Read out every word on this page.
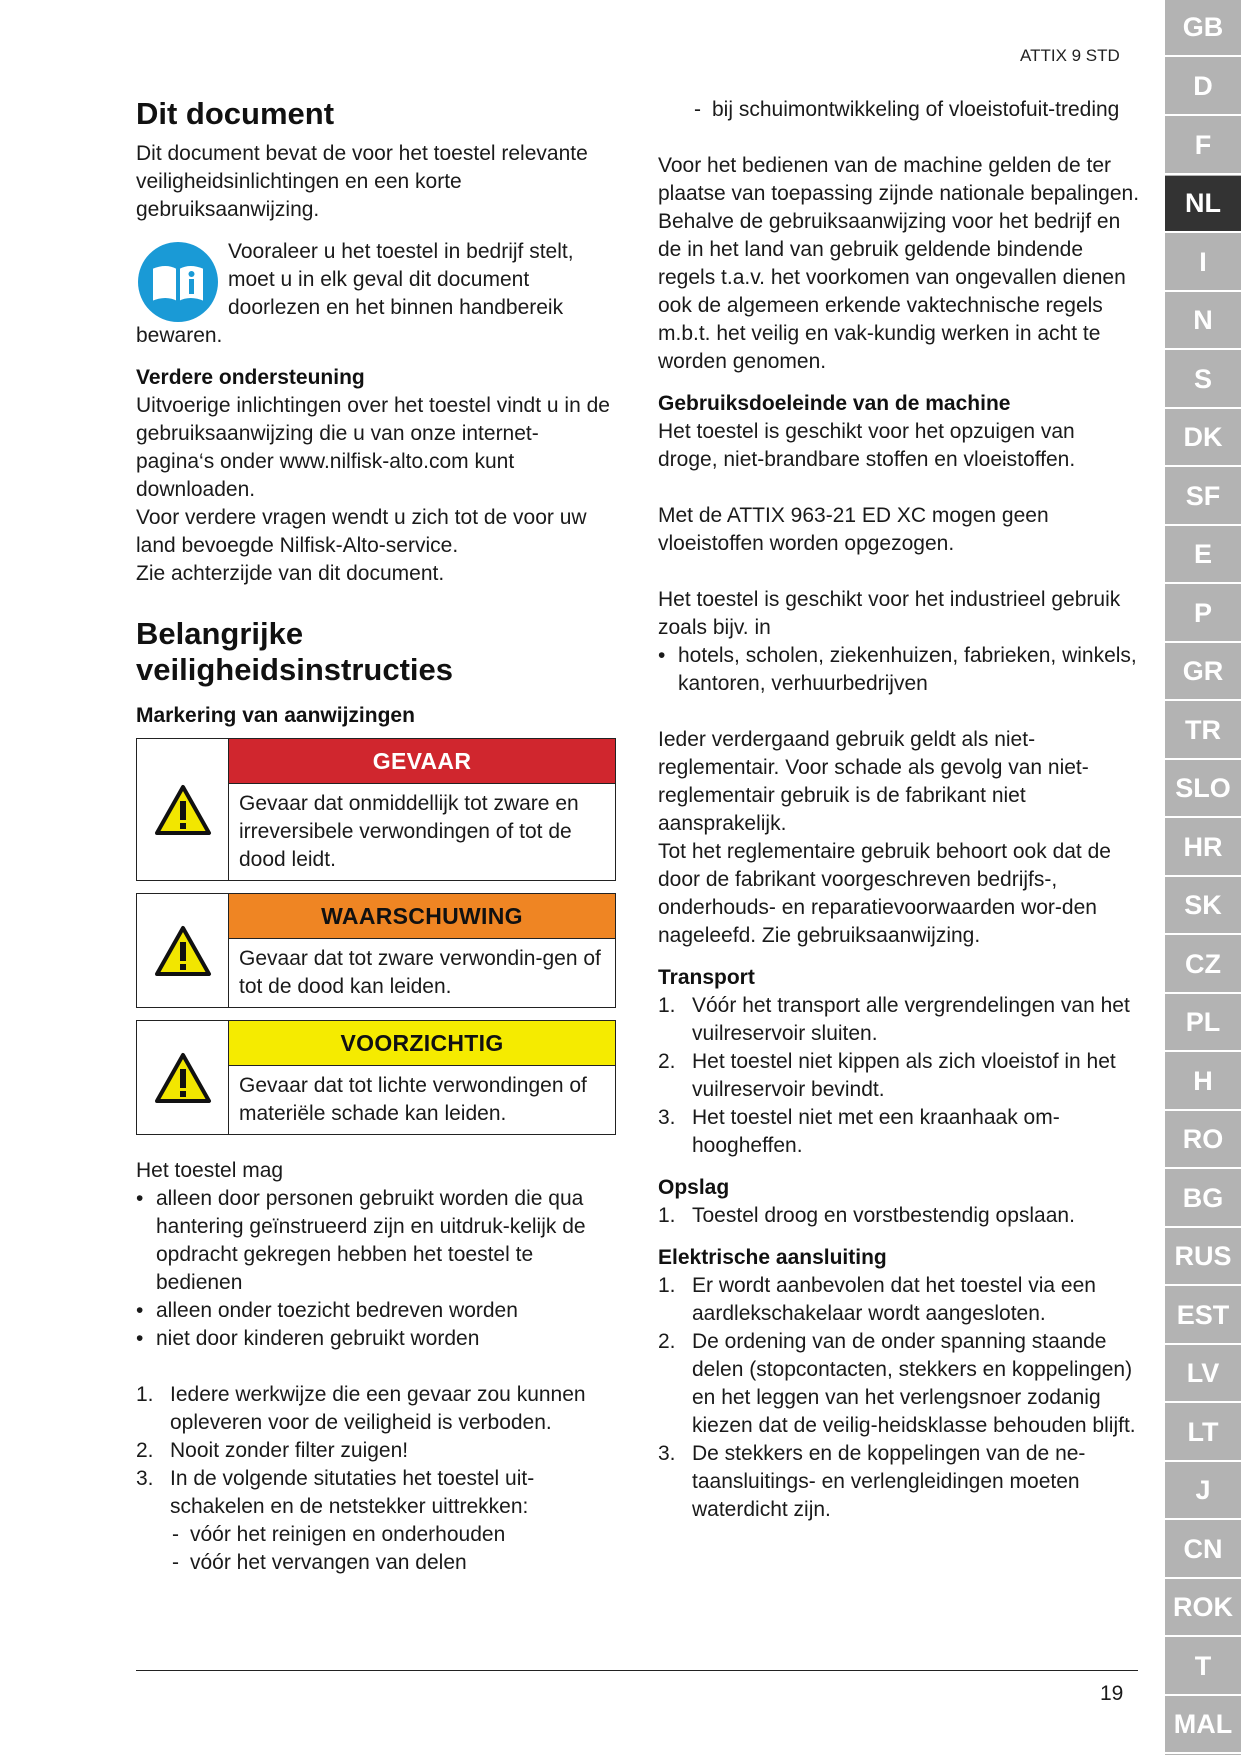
ATTIX 9 STD
Dit document

Dit document bevat de voor het toestel relevante veiligheidsinlichtingen en een korte gebruiksaanwijzing.

Vooraleer u het toestel in bedrijf stelt,
moet u in elk geval dit document
doorlezen en het binnen handbereik
bewaren.
Verdere ondersteuning

Uitvoerige inlichtingen over het toestel vindt u in de gebruiksaanwijzing die u van onze internet-pagina‘s onder www.nilfisk-alto.com kunt downloaden.

Voor verdere vragen wendt u zich tot de voor uw land bevoegde Nilfisk-Alto-service.

Zie achterzijde van dit document.

Belangrijke
veiligheidsinstructies
Markering van aanwijzingen
GEVAAR
Gevaar dat onmiddellijk tot zware en irreversibele verwondingen of tot de dood leidt.
WAARSCHUWING
Gevaar dat tot zware verwondin-gen of tot de dood kan leiden.
VOORZICHTIG
Gevaar dat tot lichte verwondingen of materiële schade kan leiden.

Het toestel mag

• alleen door personen gebruikt worden die qua hantering geïnstrueerd zijn en uitdruk-kelijk de opdracht gekregen hebben het toestel te bedienen
• alleen onder toezicht bedreven worden
• niet door kinderen gebruikt worden
1. Iedere werkwijze die een gevaar zou kunnen opleveren voor de veiligheid is verboden.
2. Nooit zonder filter zuigen!
3. In de volgende situtaties het toestel uit-schakelen en de netstekker uittrekken:
- vóór het reinigen en onderhouden
- vóór het vervangen van delen
- bij schuimontwikkeling of vloeistofuit-treding

Voor het bedienen van de machine gelden de ter plaatse van toepassing zijnde nationale bepalingen.

Behalve de gebruiksaanwijzing voor het bedrijf en de in het land van gebruik geldende bindende regels t.a.v. het voorkomen van ongevallen dienen ook de algemeen erkende vaktechnische regels m.b.t. het veilig en vak-kundig werken in acht te worden genomen.

Gebruiksdoeleinde van de machine

Het toestel is geschikt voor het opzuigen van droge, niet-brandbare stoffen en vloeistoffen.

Met de ATTIX 963-21 ED XC mogen geen vloeistoffen worden opgezogen.

Het toestel is geschikt voor het industrieel gebruik zoals bijv. in

• hotels, scholen, ziekenhuizen, fabrieken, winkels, kantoren, verhuurbedrijven

Ieder verdergaand gebruik geldt als niet-reglementair. Voor schade als gevolg van niet-reglementair gebruik is de fabrikant niet aansprakelijk.

Tot het reglementaire gebruik behoort ook dat de door de fabrikant voorgeschreven bedrijfs-, onderhouds- en reparatievoorwaarden wor-den nageleefd. Zie gebruiksaanwijzing.

Transport
1. Vóór het transport alle vergrendelingen van het vuilreservoir sluiten.
2. Het toestel niet kippen als zich vloeistof in het vuilreservoir bevindt.
3. Het toestel niet met een kraanhaak om-hoogheffen.
Opslag
1. Toestel droog en vorstbestendig opslaan.
Elektrische aansluiting
1. Er wordt aanbevolen dat het toestel via een aardlekschakelaar wordt aangesloten.
2. De ordening van de onder spanning staande delen (stopcontacten, stekkers en koppelingen) en het leggen van het verlengsnoer zodanig kiezen dat de veilig-heidsklasse behouden blijft.
3. De stekkers en de koppelingen van de ne-taansluitings- en verlengleidingen moeten waterdicht zijn.
19
GB
D
F
NL
I
N
S
DK
SF
E
P
GR
TR
SLO
HR
SK
CZ
PL
H
RO
BG
RUS
EST
LV
LT
J
CN
ROK
T
MAL
